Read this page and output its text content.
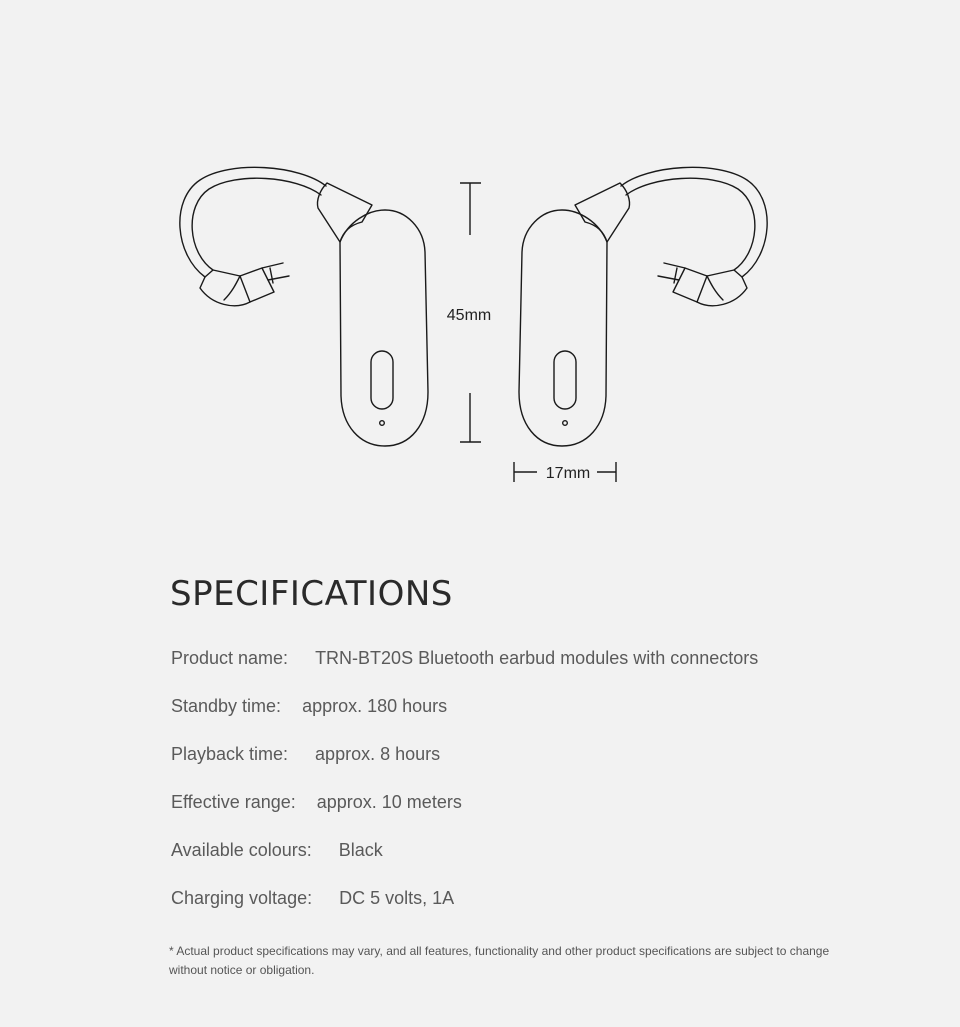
45mm
17mm
SPECIFICATIONS
Product name: TRN-BT20S Bluetooth earbud modules with connectors
Standby time: approx. 180 hours
Playback time: approx. 8 hours
Effective range: approx. 10 meters
Available colours: Black
Charging voltage: DC 5 volts, 1A
* Actual product specifications may vary, and all features, functionality and other product specifications are subject to change without notice or obligation.
